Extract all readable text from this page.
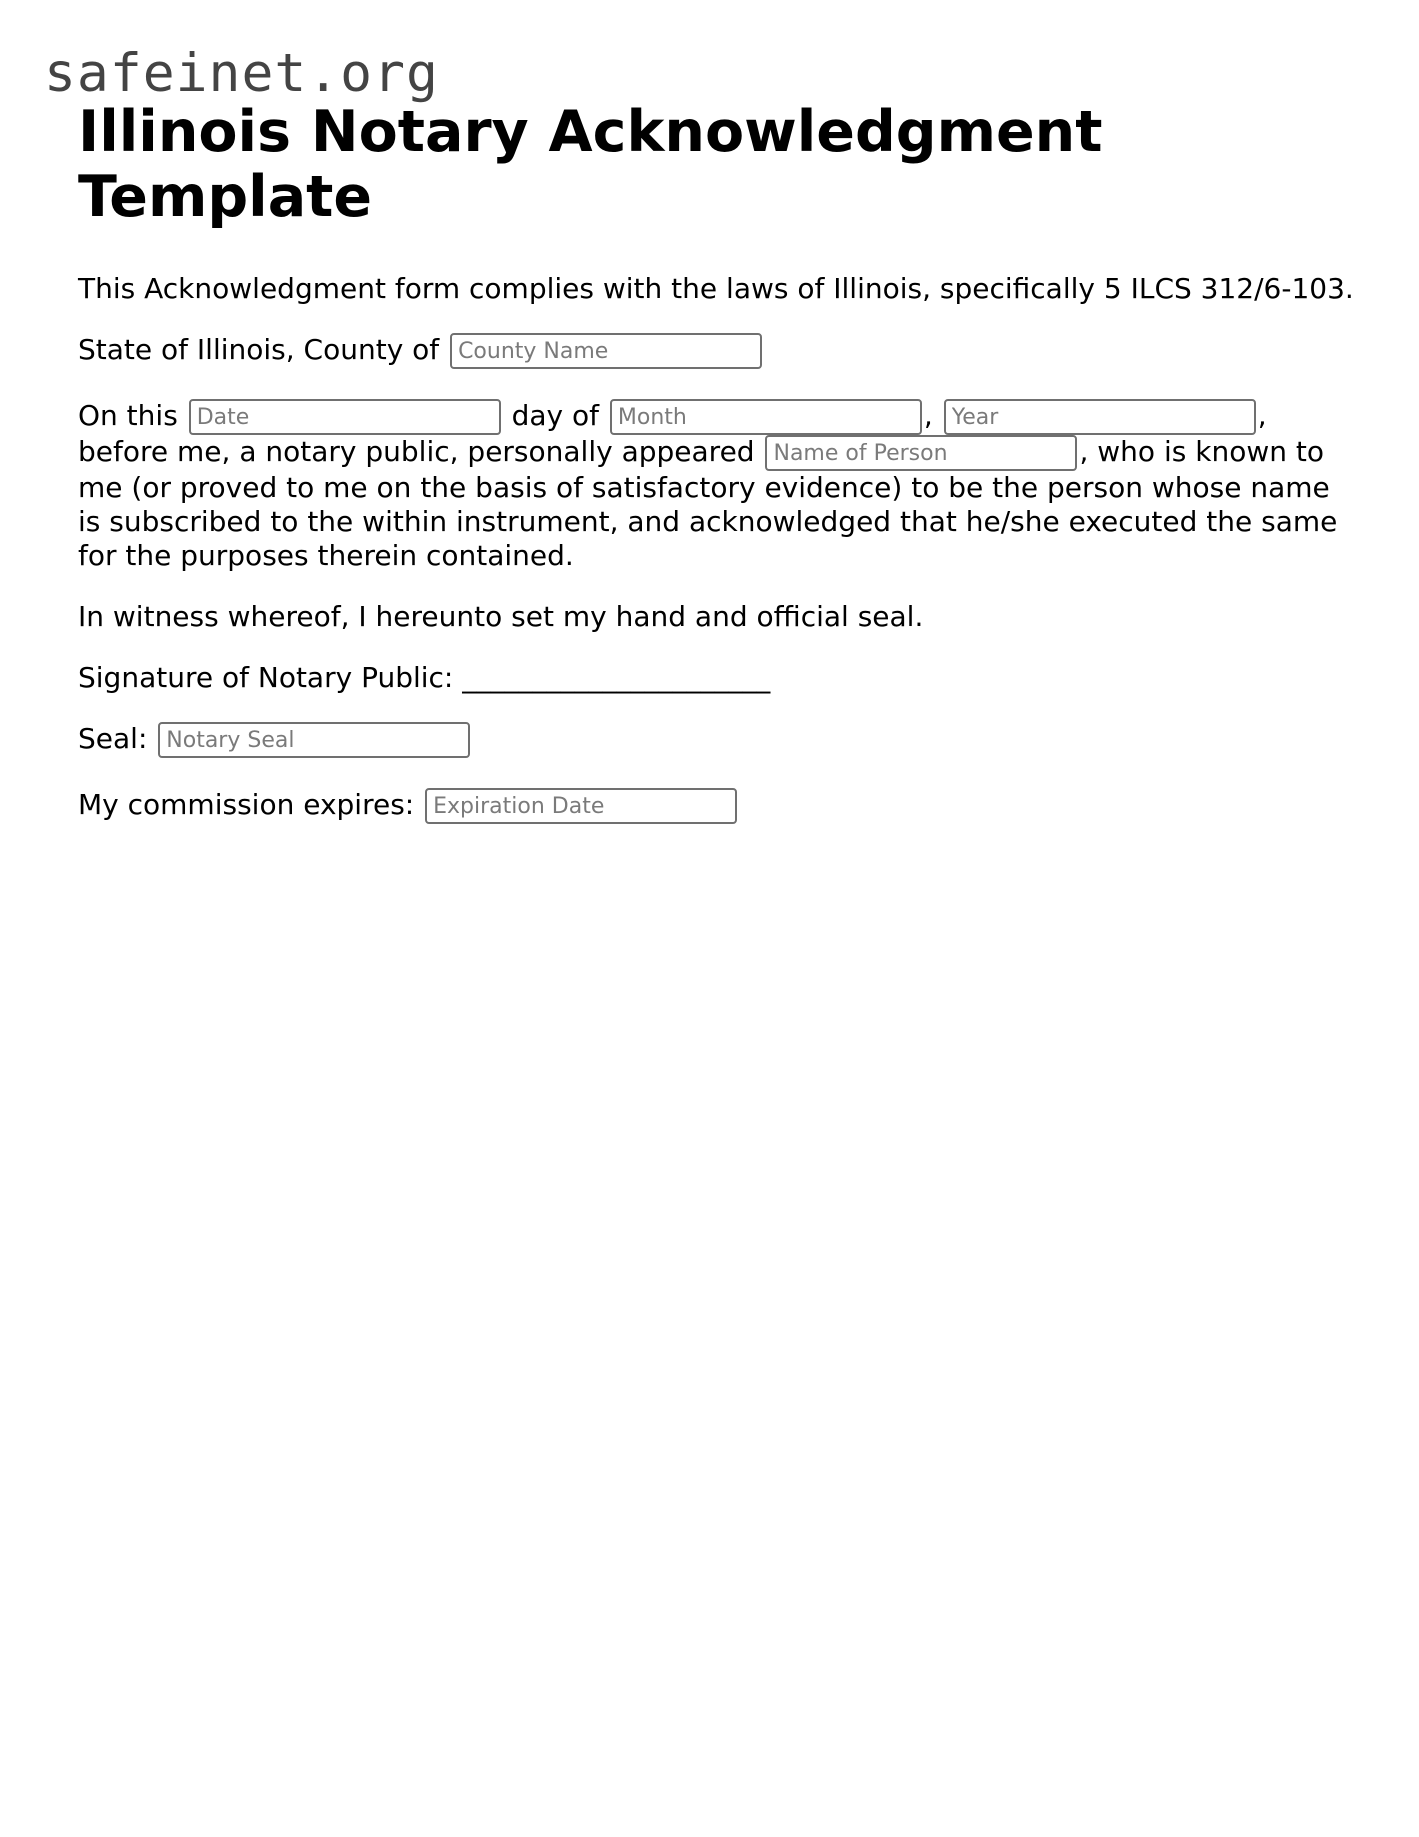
safeinet.org
Illinois Notary Acknowledgment Template

This Acknowledgment form complies with the laws of Illinois, specifically 5 ILCS 312/6-103.

State of Illinois, County of County Name

On this Date	day of Month	, Year	, before me, a notary public, personally appeared Name of Person	, who is known to me (or proved to me on the basis of satisfactory evidence) to be the person whose name is subscribed to the within instrument, and acknowledged that he/she executed the same for the purposes therein contained.

In witness whereof, I hereunto set my hand and official seal.

Signature of Notary Public: ______________________

Seal: Notary Seal

My commission expires: Expiration Date
